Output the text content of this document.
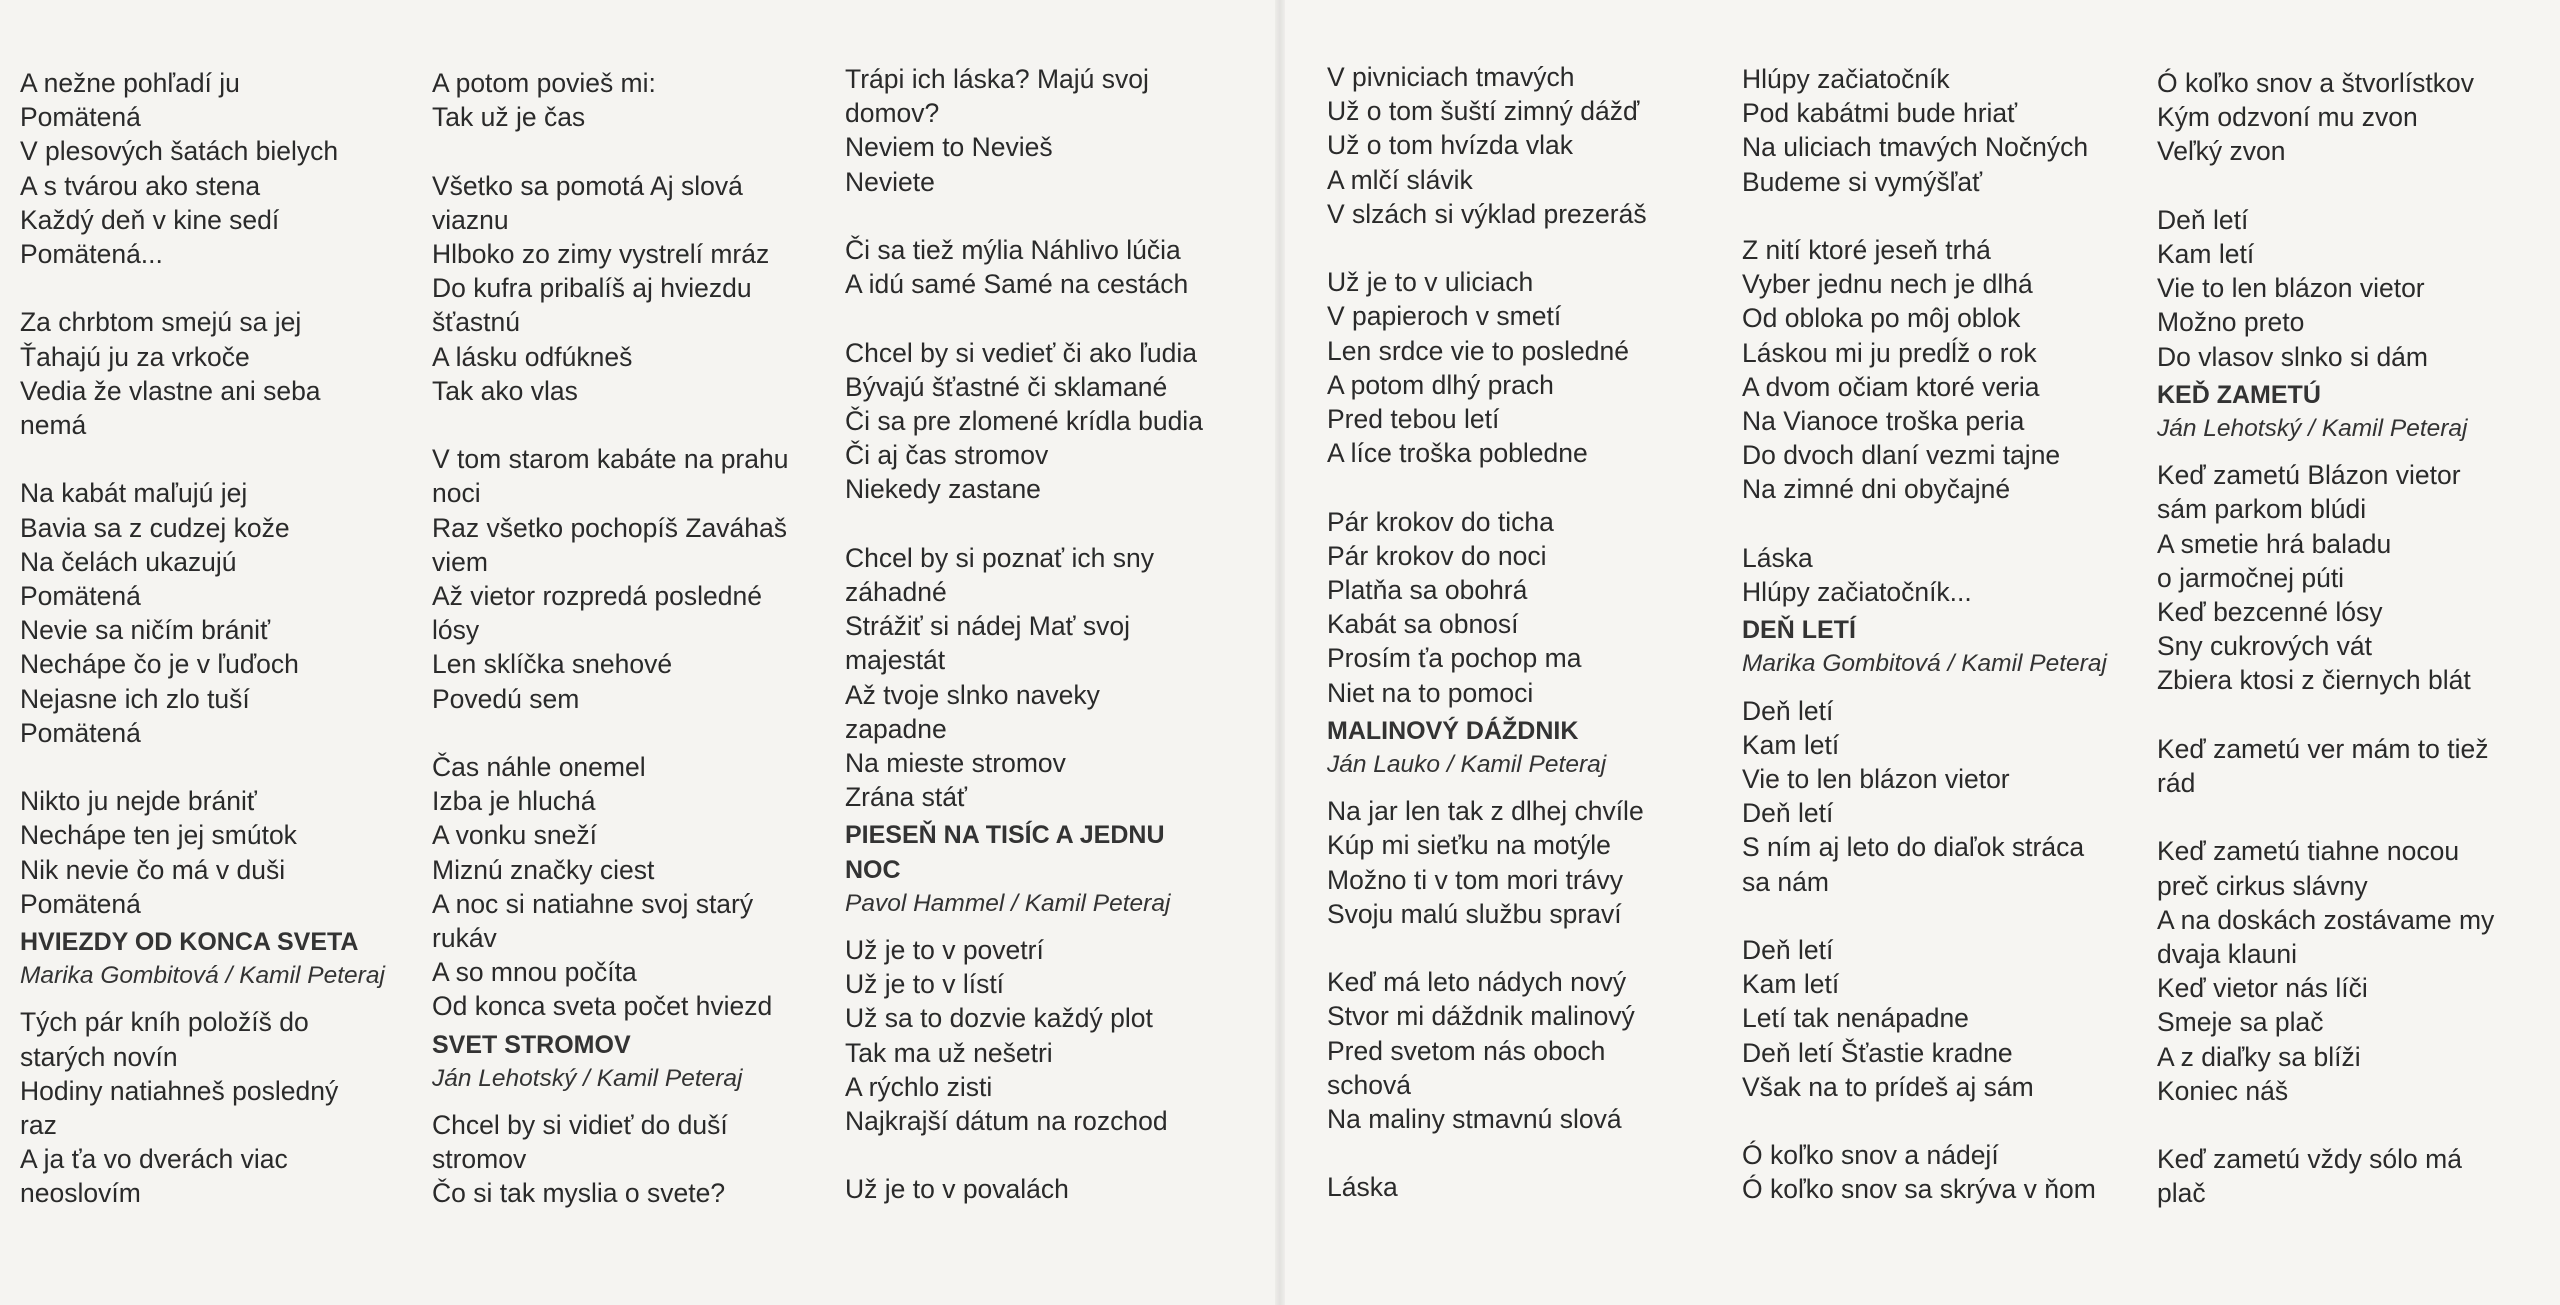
A nežne pohľadí ju
Pomätená
V plesových šatách bielych
A s tvárou ako stena
Každý deň v kine sedí
Pomätená...
Za chrbtom smejú sa jej
Ťahajú ju za vrkoče
Vedia že vlastne ani seba
nemá
Na kabát maľujú jej
Bavia sa z cudzej kože
Na čelách ukazujú
Pomätená
Nevie sa ničím brániť
Nechápe čo je v ľuďoch
Nejasne ich zlo tuší
Pomätená
Nikto ju nejde brániť
Nechápe ten jej smútok
Nik nevie čo má v duši
Pomätená
HVIEZDY OD KONCA SVETA
Marika Gombitová / Kamil Peteraj
Tých pár kníh položíš do
starých novín
Hodiny natiahneš posledný
raz
A ja ťa vo dverách viac
neoslovím
A potom povieš mi:
Tak už je čas
Všetko sa pomotá Aj slová
viaznu
Hlboko zo zimy vystrelí mráz
Do kufra pribalíš aj hviezdu
šťastnú
A lásku odfúkneš
Tak ako vlas
V tom starom kabáte na prahu
noci
Raz všetko pochopíš Zaváhaš
viem
Až vietor rozpredá posledné
lósy
Len sklíčka snehové
Povedú sem
Čas náhle onemel
Izba je hluchá
A vonku sneží
Miznú značky ciest
A noc si natiahne svoj starý
rukáv
A so mnou počíta
Od konca sveta počet hviezd
SVET STROMOV
Ján Lehotský / Kamil Peteraj
Chcel by si vidieť do duší
stromov
Čo si tak myslia o svete?
Trápi ich láska? Majú svoj
domov?
Neviem to Nevieš
Neviete
Či sa tiež mýlia Náhlivo lúčia
A idú samé Samé na cestách
Chcel by si vedieť či ako ľudia
Bývajú šťastné či sklamané
Či sa pre zlomené krídla budia
Či aj čas stromov
Niekedy zastane
Chcel by si poznať ich sny
záhadné
Strážiť si nádej Mať svoj
majestát
Až tvoje slnko naveky
zapadne
Na mieste stromov
Zrána stáť
PIESEŇ NA TISÍC A JEDNU
NOC
Pavol Hammel / Kamil Peteraj
Už je to v povetrí
Už je to v lístí
Už sa to dozvie každý plot
Tak ma už nešetri
A rýchlo zisti
Najkrajší dátum na rozchod
Už je to v povalách
V pivniciach tmavých
Už o tom šuští zimný dážď
Už o tom hvízda vlak
A mlčí slávik
V slzách si výklad prezeráš
Už je to v uliciach
V papieroch v smetí
Len srdce vie to posledné
A potom dlhý prach
Pred tebou letí
A líce troška pobledne
Pár krokov do ticha
Pár krokov do noci
Platňa sa obohrá
Kabát sa obnosí
Prosím ťa pochop ma
Niet na to pomoci
MALINOVÝ DÁŽDNIK
Ján Lauko / Kamil Peteraj
Na jar len tak z dlhej chvíle
Kúp mi sieťku na motýle
Možno ti v tom mori trávy
Svoju malú službu spraví
Keď má leto nádych nový
Stvor mi dáždnik malinový
Pred svetom nás oboch
schová
Na maliny stmavnú slová
Láska
Hlúpy začiatočník
Pod kabátmi bude hriať
Na uliciach tmavých Nočných
Budeme si vymýšľať
Z nití ktoré jeseň trhá
Vyber jednu nech je dlhá
Od obloka po môj oblok
Láskou mi ju predĺž o rok
A dvom očiam ktoré veria
Na Vianoce troška peria
Do dvoch dlaní vezmi tajne
Na zimné dni obyčajné
Láska
Hlúpy začiatočník...
DEŇ LETÍ
Marika Gombitová / Kamil Peteraj
Deň letí
Kam letí
Vie to len blázon vietor
Deň letí
S ním aj leto do diaľok stráca
sa nám
Deň letí
Kam letí
Letí tak nenápadne
Deň letí Šťastie kradne
Však na to prídeš aj sám
Ó koľko snov a nádejí
Ó koľko snov sa skrýva v ňom
Ó koľko snov a štvorlístkov
Kým odzvoní mu zvon
Veľký zvon
Deň letí
Kam letí
Vie to len blázon vietor
Možno preto
Do vlasov slnko si dám
KEĎ ZAMETÚ
Ján Lehotský / Kamil Peteraj
Keď zametú Blázon vietor
sám parkom blúdi
A smetie hrá baladu
o jarmočnej púti
Keď bezcenné lósy
Sny cukrových vát
Zbiera ktosi z čiernych blát
Keď zametú ver mám to tiež
rád
Keď zametú tiahne nocou
preč cirkus slávny
A na doskách zostávame my
dvaja klauni
Keď vietor nás líči
Smeje sa plač
A z diaľky sa blíži
Koniec náš
Keď zametú vždy sólo má
plač
